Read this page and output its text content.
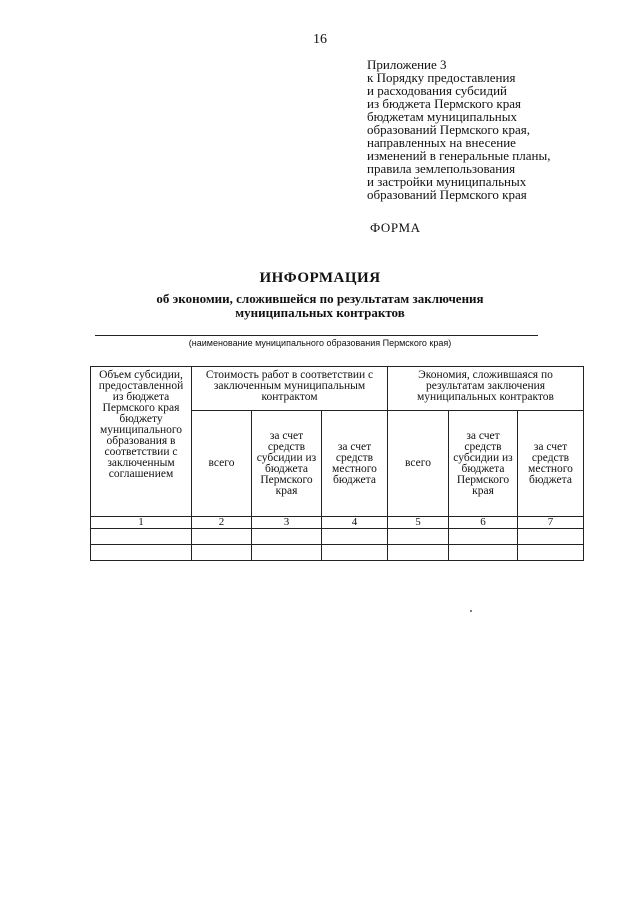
16
Приложение 3
к Порядку предоставления
и расходования субсидий
из бюджета Пермского края
бюджетам муниципальных
образований Пермского края,
направленных на внесение
изменений в генеральные планы,
правила землепользования
и застройки муниципальных
образований Пермского края
ФОРМА
ИНФОРМАЦИЯ
об экономии, сложившейся по результатам заключения
муниципальных контрактов
(наименование муниципального образования Пермского края)
Объем субсидии, предоставленной из бюджета Пермского края бюджету муниципального образования в соответствии с заключенным соглашением	Стоимость работ в соответствии с заключенным муниципальным контрактом			Экономия, сложившаяся по результатам заключения муниципальных контрактов		
	всего	за счет средств субсидии из бюджета Пермского края	за счет средств местного бюджета	всего	за счет средств субсидии из бюджета Пермского края	за счет средств местного бюджета
1	2	3	4	5	6	7
